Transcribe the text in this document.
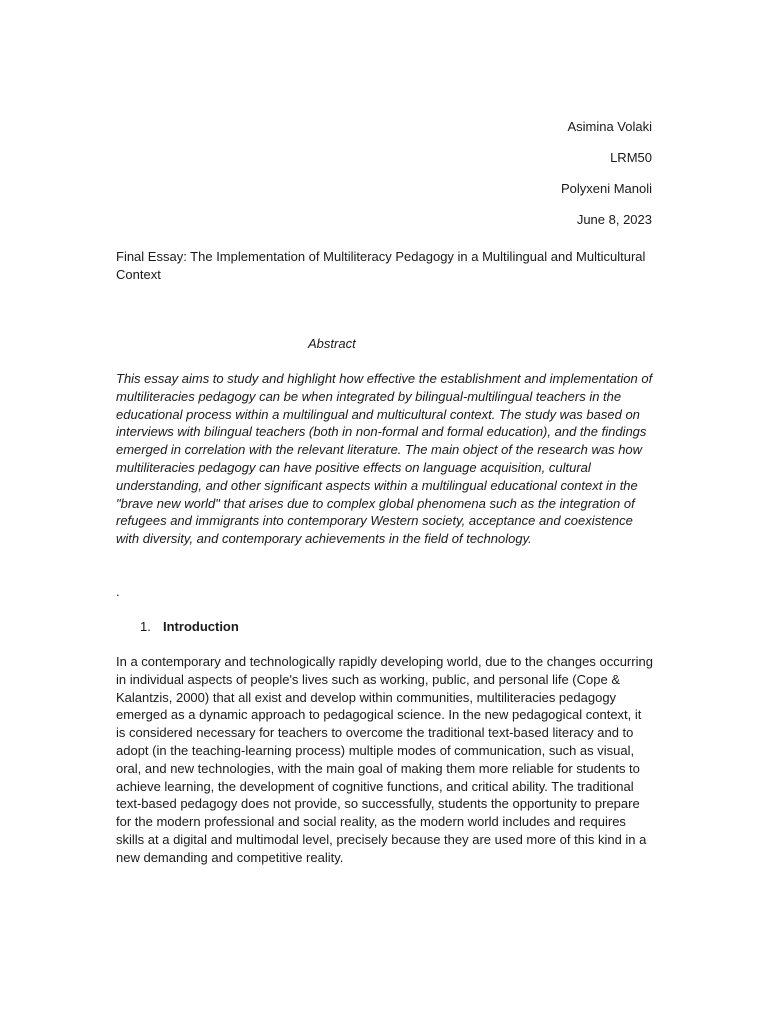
Asimina Volaki
LRM50
Polyxeni Manoli
June 8, 2023
Final Essay: The Implementation of Multiliteracy Pedagogy in a Multilingual and Multicultural Context
Abstract

This essay aims to study and highlight how effective the establishment and implementation of multiliteracies pedagogy can be when integrated by bilingual-multilingual teachers in the educational process within a multilingual and multicultural context. The study was based on interviews with bilingual teachers (both in non-formal and formal education), and the findings emerged in correlation with the relevant literature. The main object of the research was how multiliteracies pedagogy can have positive effects on language acquisition, cultural understanding, and other significant aspects within a multilingual educational context in the "brave new world" that arises due to complex global phenomena such as the integration of refugees and immigrants into contemporary Western society, acceptance and coexistence with diversity, and contemporary achievements in the field of technology.

.
1. Introduction

In a contemporary and technologically rapidly developing world, due to the changes occurring in individual aspects of people's lives such as working, public, and personal life (Cope & Kalantzis, 2000) that all exist and develop within communities, multiliteracies pedagogy emerged as a dynamic approach to pedagogical science. In the new pedagogical context, it is considered necessary for teachers to overcome the traditional text-based literacy and to adopt (in the teaching-learning process) multiple modes of communication, such as visual, oral, and new technologies, with the main goal of making them more reliable for students to achieve learning, the development of cognitive functions, and critical ability. The traditional text-based pedagogy does not provide, so successfully, students the opportunity to prepare for the modern professional and social reality, as the modern world includes and requires skills at a digital and multimodal level, precisely because they are used more of this kind in a new demanding and competitive reality.
